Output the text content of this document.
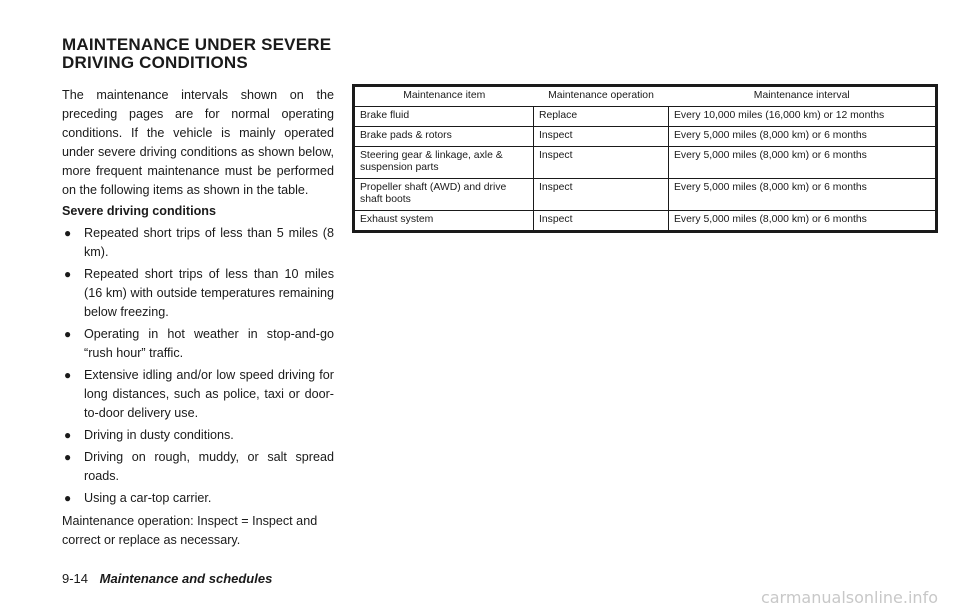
MAINTENANCE UNDER SEVERE
DRIVING CONDITIONS

The maintenance intervals shown on the preceding pages are for normal operating conditions. If the vehicle is mainly operated under severe driving conditions as shown below, more frequent maintenance must be performed on the following items as shown in the table.

Severe driving conditions

● Repeated short trips of less than 5 miles (8 km).
● Repeated short trips of less than 10 miles (16 km) with outside temperatures remaining below freezing.
● Operating in hot weather in stop-and-go “rush hour” traffic.
● Extensive idling and/or low speed driving for long distances, such as police, taxi or door-to-door delivery use.
● Driving in dusty conditions.
● Driving on rough, muddy, or salt spread roads.
● Using a car-top carrier.

Maintenance operation: Inspect = Inspect and correct or replace as necessary.

Maintenance item	Maintenance operation	Maintenance interval
Brake fluid	Replace	Every 10,000 miles (16,000 km) or 12 months
Brake pads & rotors	Inspect	Every 5,000 miles (8,000 km) or 6 months
Steering gear & linkage, axle & suspension parts	Inspect	Every 5,000 miles (8,000 km) or 6 months
Propeller shaft (AWD) and drive shaft boots	Inspect	Every 5,000 miles (8,000 km) or 6 months
Exhaust system	Inspect	Every 5,000 miles (8,000 km) or 6 months
9-14 Maintenance and schedules
carmanualsonline.info
